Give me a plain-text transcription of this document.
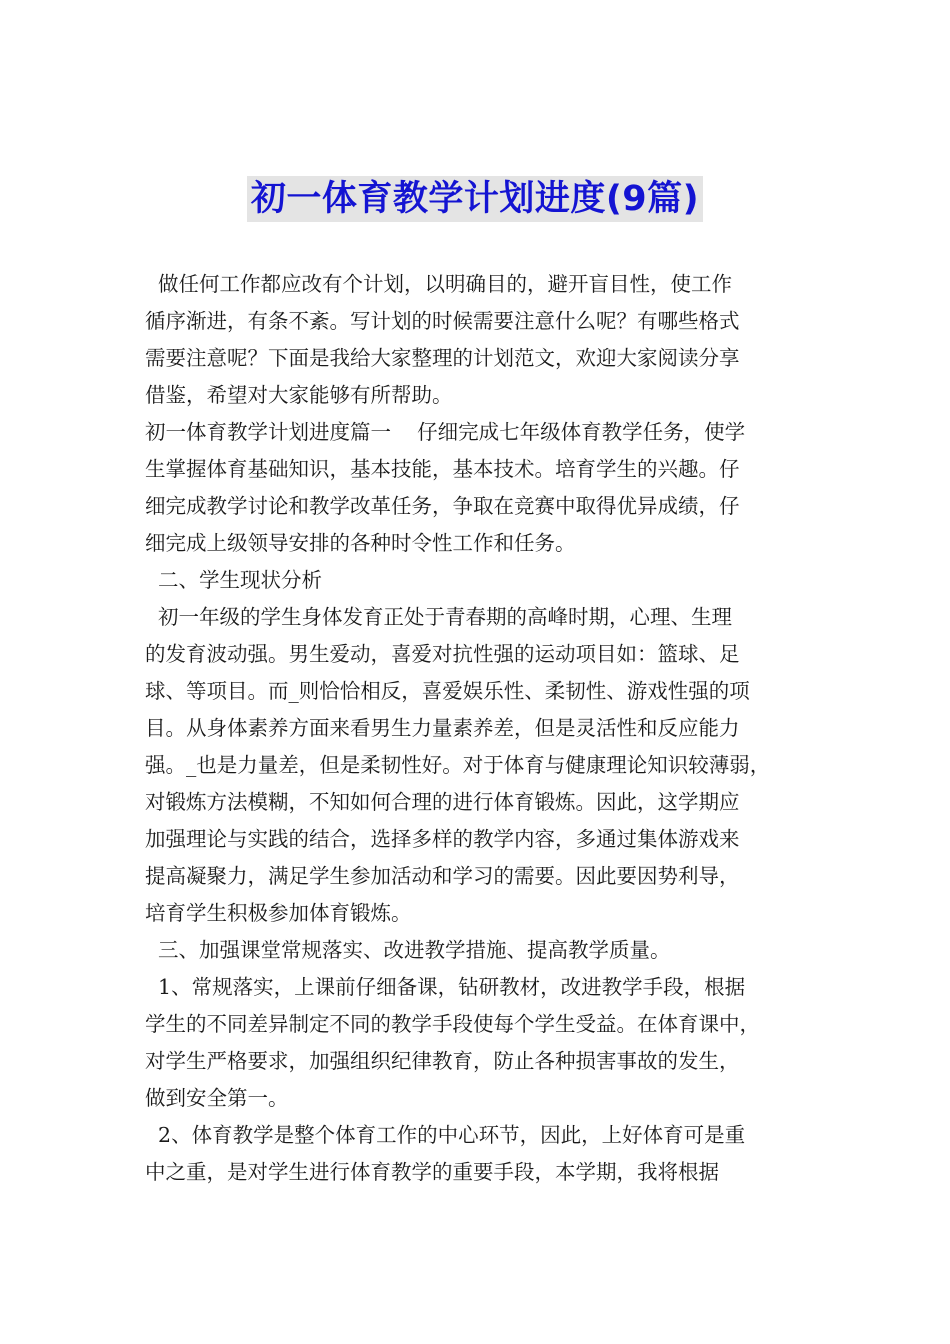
初一体育教学计划进度(9篇)

做任何工作都应改有个计划，以明确目的，避开盲目性，使工作

循序渐进，有条不紊。写计划的时候需要注意什么呢？有哪些格式

需要注意呢？下面是我给大家整理的计划范文，欢迎大家阅读分享

借鉴，希望对大家能够有所帮助。

初一体育教学计划进度篇一    仔细完成七年级体育教学任务，使学

生掌握体育基础知识，基本技能，基本技术。培育学生的兴趣。仔

细完成教学讨论和教学改革任务，争取在竞赛中取得优异成绩，仔

细完成上级领导安排的各种时令性工作和任务。

二、学生现状分析

初一年级的学生身体发育正处于青春期的高峰时期，心理、生理

的发育波动强。男生爱动，喜爱对抗性强的运动项目如：篮球、足

球、等项目。而_则恰恰相反，喜爱娱乐性、柔韧性、游戏性强的项

目。从身体素养方面来看男生力量素养差，但是灵活性和反应能力

强。_也是力量差，但是柔韧性好。对于体育与健康理论知识较薄弱，

对锻炼方法模糊，不知如何合理的进行体育锻炼。因此，这学期应

加强理论与实践的结合，选择多样的教学内容，多通过集体游戏来

提高凝聚力，满足学生参加活动和学习的需要。因此要因势利导，

培育学生积极参加体育锻炼。

三、加强课堂常规落实、改进教学措施、提高教学质量。

1、常规落实，上课前仔细备课，钻研教材，改进教学手段，根据

学生的不同差异制定不同的教学手段使每个学生受益。在体育课中，

对学生严格要求，加强组织纪律教育，防止各种损害事故的发生，

做到安全第一。

2、体育教学是整个体育工作的中心环节，因此，上好体育可是重

中之重，是对学生进行体育教学的重要手段，本学期，我将根据
